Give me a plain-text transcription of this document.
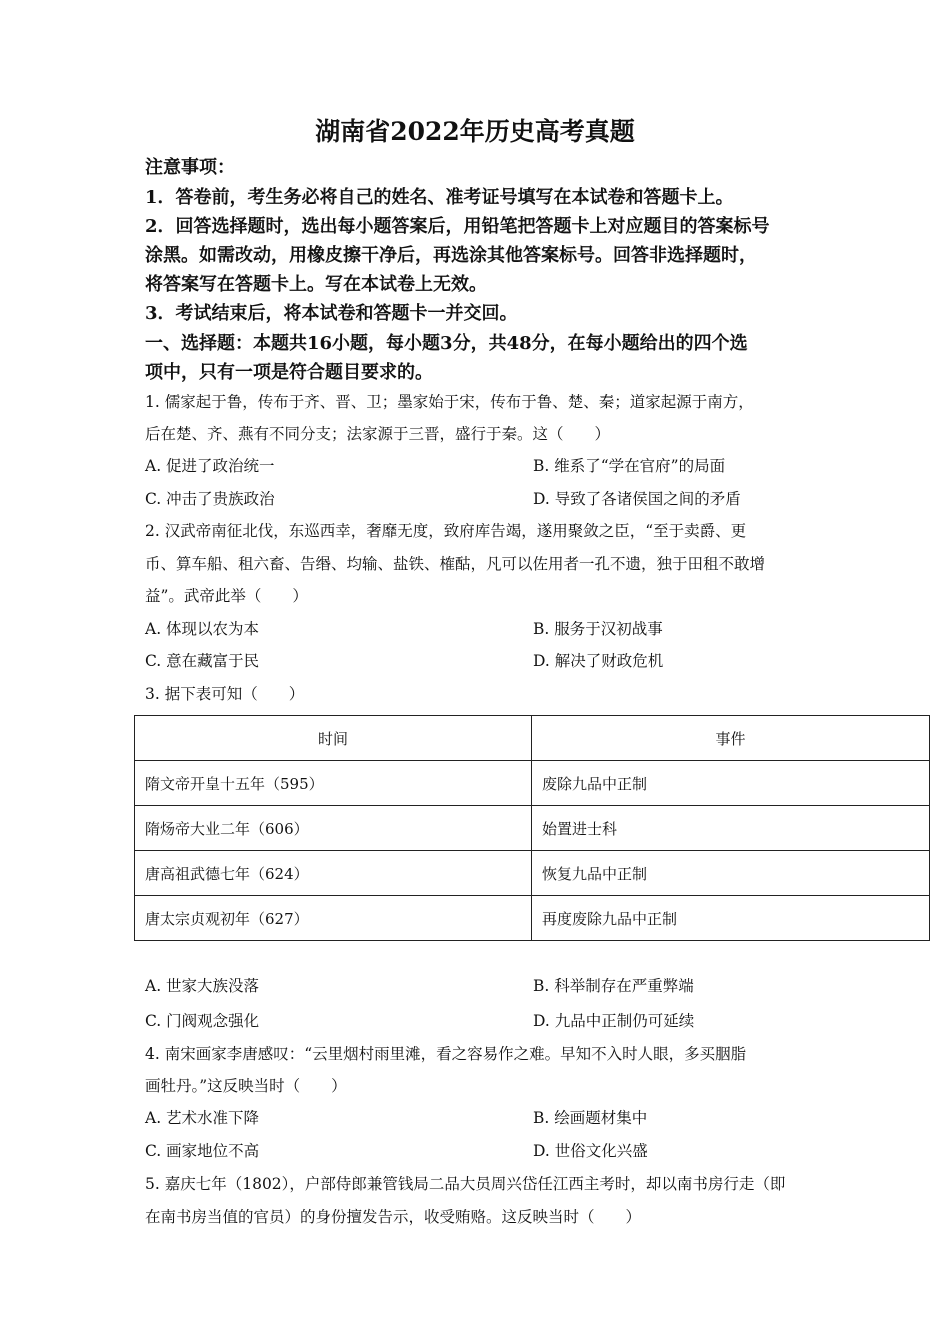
湖南省2022年历史高考真题
注意事项：
1．答卷前，考生务必将自己的姓名、准考证号填写在本试卷和答题卡上。
2．回答选择题时，选出每小题答案后，用铅笔把答题卡上对应题目的答案标号
涂黑。如需改动，用橡皮擦干净后，再选涂其他答案标号。回答非选择题时，
将答案写在答题卡上。写在本试卷上无效。
3．考试结束后，将本试卷和答题卡一并交回。
一、选择题：本题共16小题，每小题3分，共48分，在每小题给出的四个选
项中，只有一项是符合题目要求的。
1. 儒家起于鲁，传布于齐、晋、卫；墨家始于宋，传布于鲁、楚、秦；道家起源于南方，
后在楚、齐、燕有不同分支；法家源于三晋，盛行于秦。这（　　）
A. 促进了政治统一	B. 维系了“学在官府”的局面
C. 冲击了贵族政治	D. 导致了各诸侯国之间的矛盾
2. 汉武帝南征北伐，东巡西幸，奢靡无度，致府库告竭，遂用聚敛之臣，“至于卖爵、更
币、算车船、租六畜、告缗、均输、盐铁、榷酤，凡可以佐用者一孔不遗，独于田租不敢增
益”。武帝此举（　　）
A. 体现以农为本	B. 服务于汉初战事
C. 意在藏富于民	D. 解决了财政危机
3. 据下表可知（　　）
时间	事件
隋文帝开皇十五年（595）	废除九品中正制
隋炀帝大业二年（606）	始置进士科
唐高祖武德七年（624）	恢复九品中正制
唐太宗贞观初年（627）	再度废除九品中正制
A. 世家大族没落	B. 科举制存在严重弊端
C. 门阀观念强化	D. 九品中正制仍可延续
4. 南宋画家李唐感叹：“云里烟村雨里滩，看之容易作之难。早知不入时人眼，多买胭脂
画牡丹。”这反映当时（　　）
A. 艺术水准下降	B. 绘画题材集中
C. 画家地位不高	D. 世俗文化兴盛
5. 嘉庆七年（1802），户部侍郎兼管钱局二品大员周兴岱任江西主考时，却以南书房行走（即
在南书房当值的官员）的身份擅发告示，收受贿赂。这反映当时（　　）
